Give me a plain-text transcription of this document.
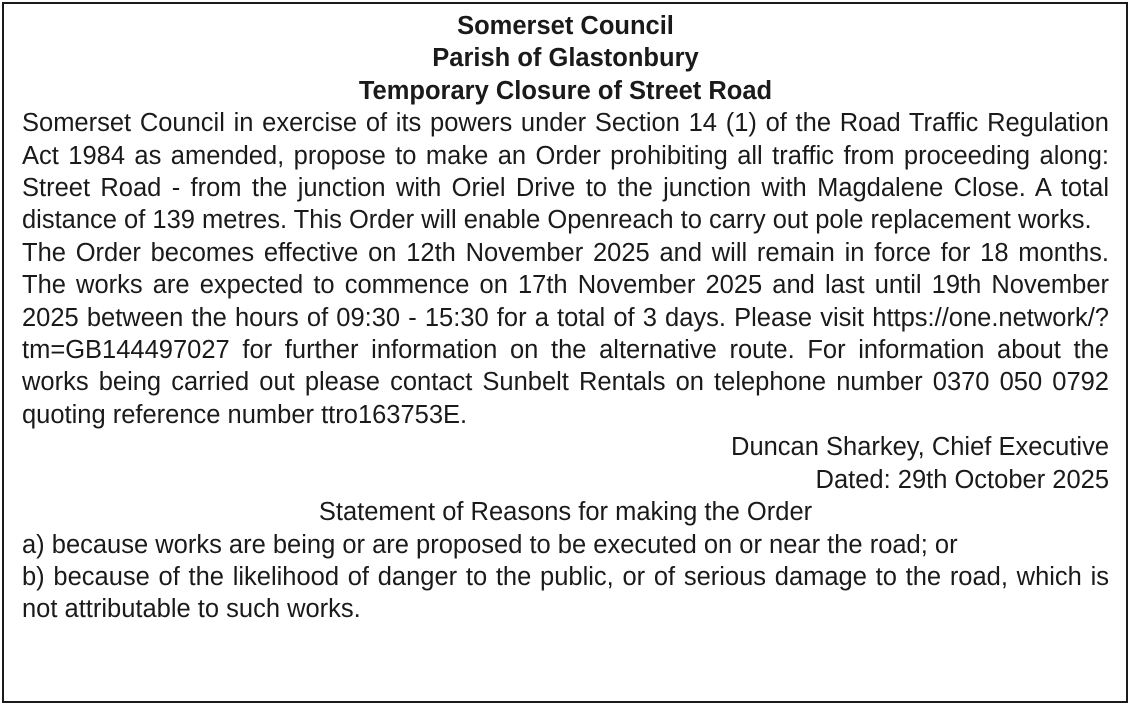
Somerset Council
Parish of Glastonbury
Temporary Closure of Street Road

Somerset Council in exercise of its powers under Section 14 (1) of the Road Traffic Regulation Act 1984 as amended, propose to make an Order prohibiting all traffic from proceeding along: Street Road - from the junction with Oriel Drive to the junction with Magdalene Close. A total distance of 139 metres. This Order will enable Openreach to carry out pole replacement works.

The Order becomes effective on 12th November 2025 and will remain in force for 18 months. The works are expected to commence on 17th November 2025 and last until 19th November 2025 between the hours of 09:30 - 15:30 for a total of 3 days. Please visit https://one.network/?tm=GB144497027 for further information on the alternative route. For information about the works being carried out please contact Sunbelt Rentals on telephone number 0370 050 0792 quoting reference number ttro163753E.

Duncan Sharkey, Chief Executive
Dated: 29th October 2025
Statement of Reasons for making the Order

a) because works are being or are proposed to be executed on or near the road; or

b) because of the likelihood of danger to the public, or of serious damage to the road, which is not attributable to such works.
